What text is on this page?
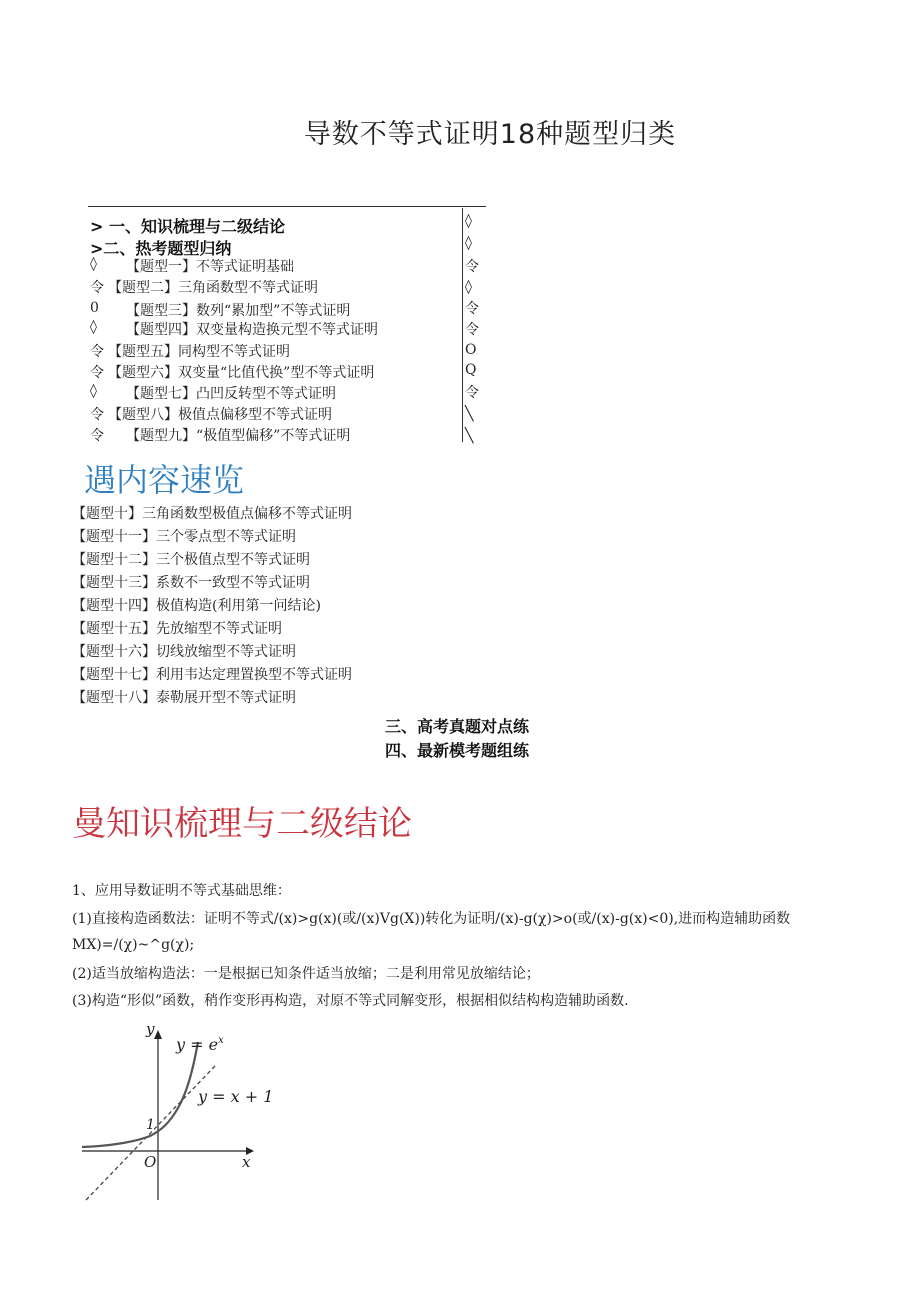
导数不等式证明18种题型归类
> 一、知识梳理与二级结论
>二、热考题型归纳
◊ 【题型一】不等式证明基础
令 【题型二】三角函数型不等式证明
0 【题型三】数列“累加型”不等式证明
◊ 【题型四】双变量构造换元型不等式证明
令 【题型五】同构型不等式证明
令 【题型六】双变量“比值代换”型不等式证明
◊ 【题型七】凸凹反转型不等式证明
令 【题型八】极值点偏移型不等式证明
令 【题型九】“极值型偏移”不等式证明
◊
◊
令
◊
令
令
O
Q
令
╲
╲
遇内容速览
【题型十】三角函数型极值点偏移不等式证明
【题型十一】三个零点型不等式证明
【题型十二】三个极值点型不等式证明
【题型十三】系数不一致型不等式证明
【题型十四】极值构造(利用第一问结论)
【题型十五】先放缩型不等式证明
【题型十六】切线放缩型不等式证明
【题型十七】利用韦达定理置换型不等式证明
【题型十八】泰勒展开型不等式证明
三、高考真题对点练
四、最新模考题组练
曼知识梳理与二级结论
1、应用导数证明不等式基础思维：
(1)直接构造函数法：证明不等式/(x)>g(x)(或/(x)Vg(X))转化为证明/(x)-g(χ)>o(或/(x)-g(x)<0),进而构造辅助函数
MX)=/(χ)~^g(χ);
(2)适当放缩构造法：一是根据已知条件适当放缩；二是利用常见放缩结论；
(3)构造“形似”函数，稍作变形再构造，对原不等式同解变形，根据相似结构构造辅助函数.
$y = e^x$
y = x + 1
y
x
O
1
